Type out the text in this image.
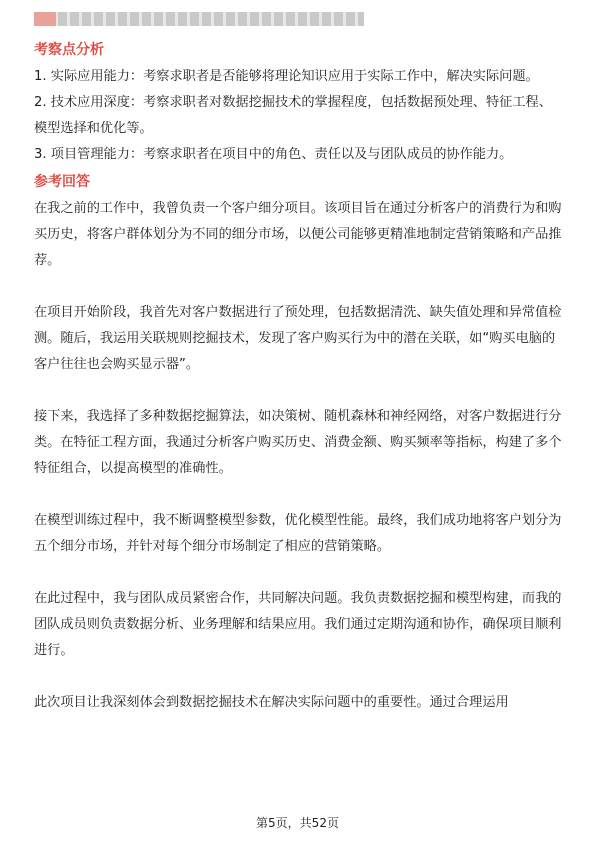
考察点分析

1. 实际应用能力：考察求职者是否能够将理论知识应用于实际工作中，解决实际问题。

2. 技术应用深度：考察求职者对数据挖掘技术的掌握程度，包括数据预处理、特征工程、模型选择和优化等。

3. 项目管理能力：考察求职者在项目中的角色、责任以及与团队成员的协作能力。

参考回答

在我之前的工作中，我曾负责一个客户细分项目。该项目旨在通过分析客户的消费行为和购买历史，将客户群体划分为不同的细分市场，以便公司能够更精准地制定营销策略和产品推荐。

在项目开始阶段，我首先对客户数据进行了预处理，包括数据清洗、缺失值处理和异常值检测。随后，我运用关联规则挖掘技术，发现了客户购买行为中的潜在关联，如“购买电脑的客户往往也会购买显示器”。

接下来，我选择了多种数据挖掘算法，如决策树、随机森林和神经网络，对客户数据进行分类。在特征工程方面，我通过分析客户购买历史、消费金额、购买频率等指标，构建了多个特征组合，以提高模型的准确性。

在模型训练过程中，我不断调整模型参数，优化模型性能。最终，我们成功地将客户划分为五个细分市场，并针对每个细分市场制定了相应的营销策略。

在此过程中，我与团队成员紧密合作，共同解决问题。我负责数据挖掘和模型构建，而我的团队成员则负责数据分析、业务理解和结果应用。我们通过定期沟通和协作，确保项目顺利进行。

此次项目让我深刻体会到数据挖掘技术在解决实际问题中的重要性。通过合理运用

第5页，共52页
